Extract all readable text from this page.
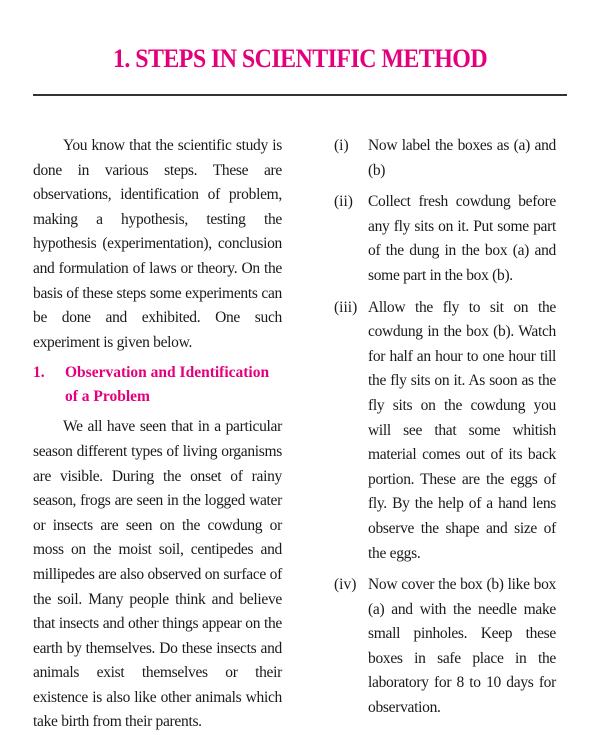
1. STEPS IN SCIENTIFIC METHOD

You know that the scientific study is done in various steps. These are observations, identification of problem, making a hypothesis, testing the hypothesis (experimentation), conclusion and formulation of laws or theory. On the basis of these steps some experiments can be done and exhibited. One such experiment is given below.

1.	Observation and Identification of a Problem

We all have seen that in a particular season different types of living organisms are visible. During the onset of rainy season, frogs are seen in the logged water or insects are seen on the cowdung or moss on the moist soil, centipedes and millipedes are also observed on surface of the soil. Many people think and believe that insects and other things appear on the earth by themselves. Do these insects and animals exist themselves or their existence is also like other animals which take birth from their parents.

(i)	Now label the boxes as (a) and (b)
(ii) Collect fresh cowdung before any fly sits on it. Put some part of the dung in the box (a) and some part in the box (b).
(iii) Allow the fly to sit on the cowdung in the box (b). Watch for half an hour to one hour till the fly sits on it. As soon as the fly sits on the cowdung you will see that some whitish material comes out of its back portion. These are the eggs of fly. By the help of a hand lens observe the shape and size of the eggs.
(iv) Now cover the box (b) like box (a) and with the needle make small pinholes. Keep these boxes in safe place in the laboratory for 8 to 10 days for observation.
